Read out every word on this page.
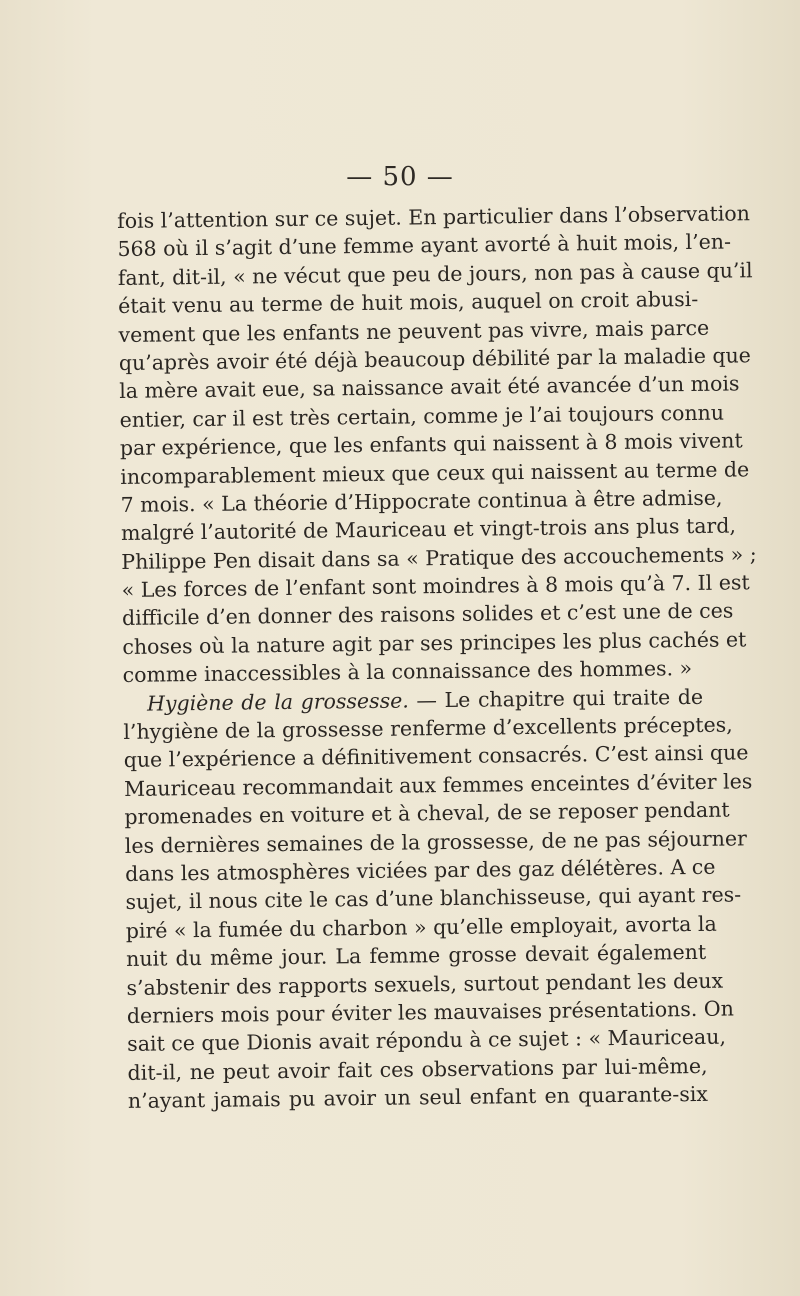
— 50 —
fois l’attention sur ce sujet. En particulier dans l’observation
568 où il s’agit d’une femme ayant avorté à huit mois, l’en-
fant, dit-il, « ne vécut que peu de jours, non pas à cause qu’il
était venu au terme de huit mois, auquel on croit abusi-
vement que les enfants ne peuvent pas vivre, mais parce
qu’après avoir été déjà beaucoup débilité par la maladie que
la mère avait eue, sa naissance avait été avancée d’un mois
entier, car il est très certain, comme je l’ai toujours connu
par expérience, que les enfants qui naissent à 8 mois vivent
incomparablement mieux que ceux qui naissent au terme de
7 mois. « La théorie d’Hippocrate continua à être admise,
malgré l’autorité de Mauriceau et vingt-trois ans plus tard,
Philippe Pen disait dans sa « Pratique des accouchements » ;
« Les forces de l’enfant sont moindres à 8 mois qu’à 7. Il est
difficile d’en donner des raisons solides et c’est une de ces
choses où la nature agit par ses principes les plus cachés et
comme inaccessibles à la connaissance des hommes. »
Hygiène de la grossesse. — Le chapitre qui traite de
l’hygiène de la grossesse renferme d’excellents préceptes,
que l’expérience a définitivement consacrés. C’est ainsi que
Mauriceau recommandait aux femmes enceintes d’éviter les
promenades en voiture et à cheval, de se reposer pendant
les dernières semaines de la grossesse, de ne pas séjourner
dans les atmosphères viciées par des gaz délétères. A ce
sujet, il nous cite le cas d’une blanchisseuse, qui ayant res-
piré « la fumée du charbon » qu’elle employait, avorta la
nuit du même jour. La femme grosse devait également
s’abstenir des rapports sexuels, surtout pendant les deux
derniers mois pour éviter les mauvaises présentations. On
sait ce que Dionis avait répondu à ce sujet : « Mauriceau,
dit-il, ne peut avoir fait ces observations par lui-même,
n’ayant jamais pu avoir un seul enfant en quarante-six
